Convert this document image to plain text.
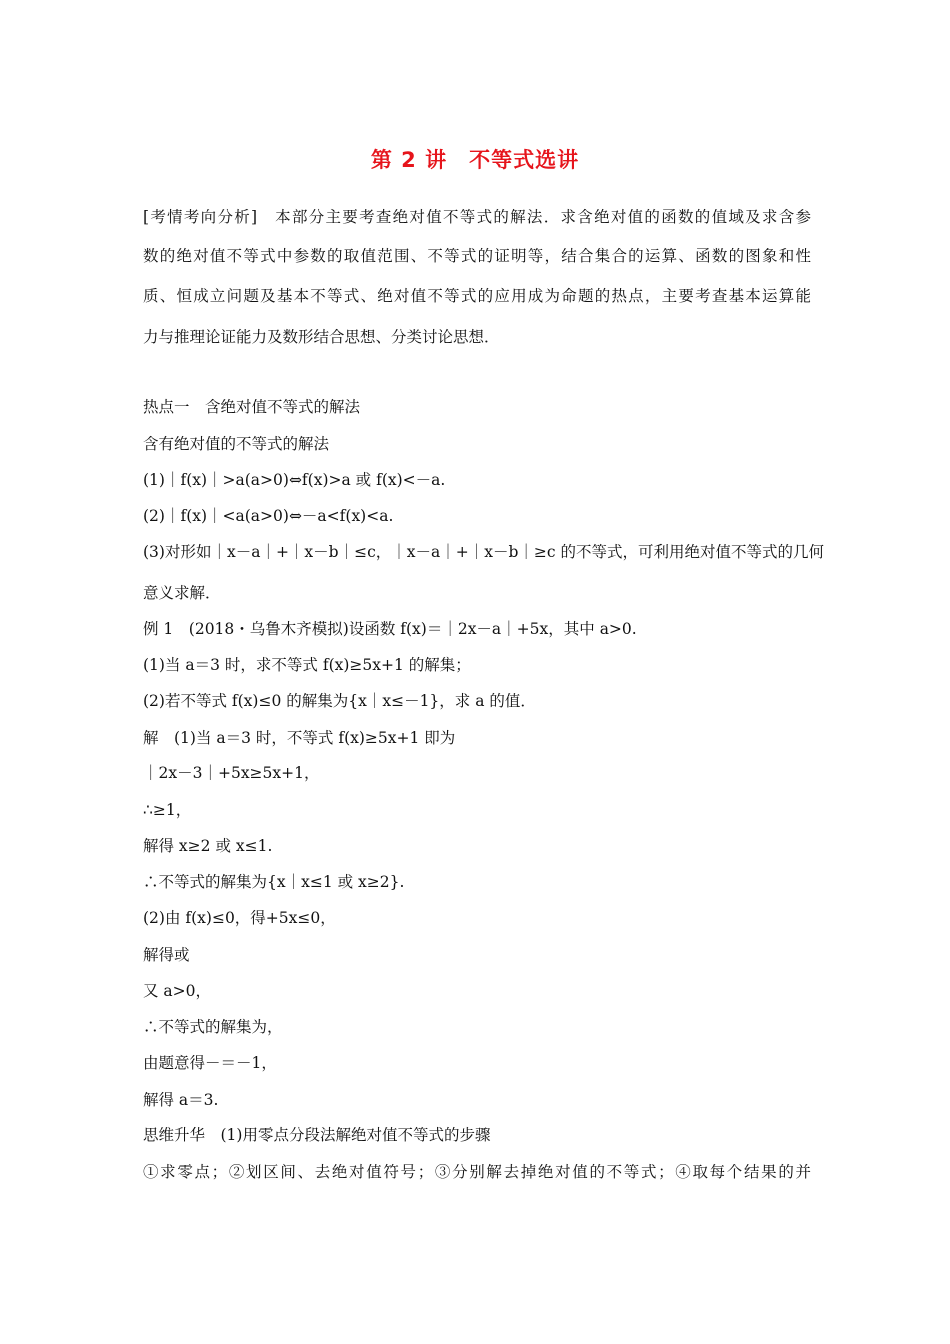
第 2 讲　不等式选讲
[考情考向分析]　本部分主要考查绝对值不等式的解法．求含绝对值的函数的值域及求含参
数的绝对值不等式中参数的取值范围、不等式的证明等，结合集合的运算、函数的图象和性
质、恒成立问题及基本不等式、绝对值不等式的应用成为命题的热点，主要考查基本运算能
力与推理论证能力及数形结合思想、分类讨论思想．
热点一　含绝对值不等式的解法
含有绝对值的不等式的解法
(1)｜f(x)｜>a(a>0)⇔f(x)>a 或 f(x)<－a.
(2)｜f(x)｜<a(a>0)⇔－a<f(x)<a.
(3)对形如｜x－a｜+｜x－b｜≤c，｜x－a｜+｜x－b｜≥c 的不等式，可利用绝对值不等式的几何
意义求解．
例 1　(2018・乌鲁木齐模拟)设函数 f(x)＝｜2x－a｜+5x，其中 a>0.
(1)当 a＝3 时，求不等式 f(x)≥5x+1 的解集；
(2)若不等式 f(x)≤0 的解集为{x｜x≤－1}，求 a 的值．
解　(1)当 a＝3 时，不等式 f(x)≥5x+1 即为
｜2x－3｜+5x≥5x+1，
∴≥1，
解得 x≥2 或 x≤1.
∴不等式的解集为{x｜x≤1 或 x≥2}.
(2)由 f(x)≤0，得+5x≤0，
解得或
又 a>0，
∴不等式的解集为，
由题意得－＝－1，
解得 a＝3.
思维升华　(1)用零点分段法解绝对值不等式的步骤
①求零点；②划区间、去绝对值符号；③分别解去掉绝对值的不等式；④取每个结果的并
